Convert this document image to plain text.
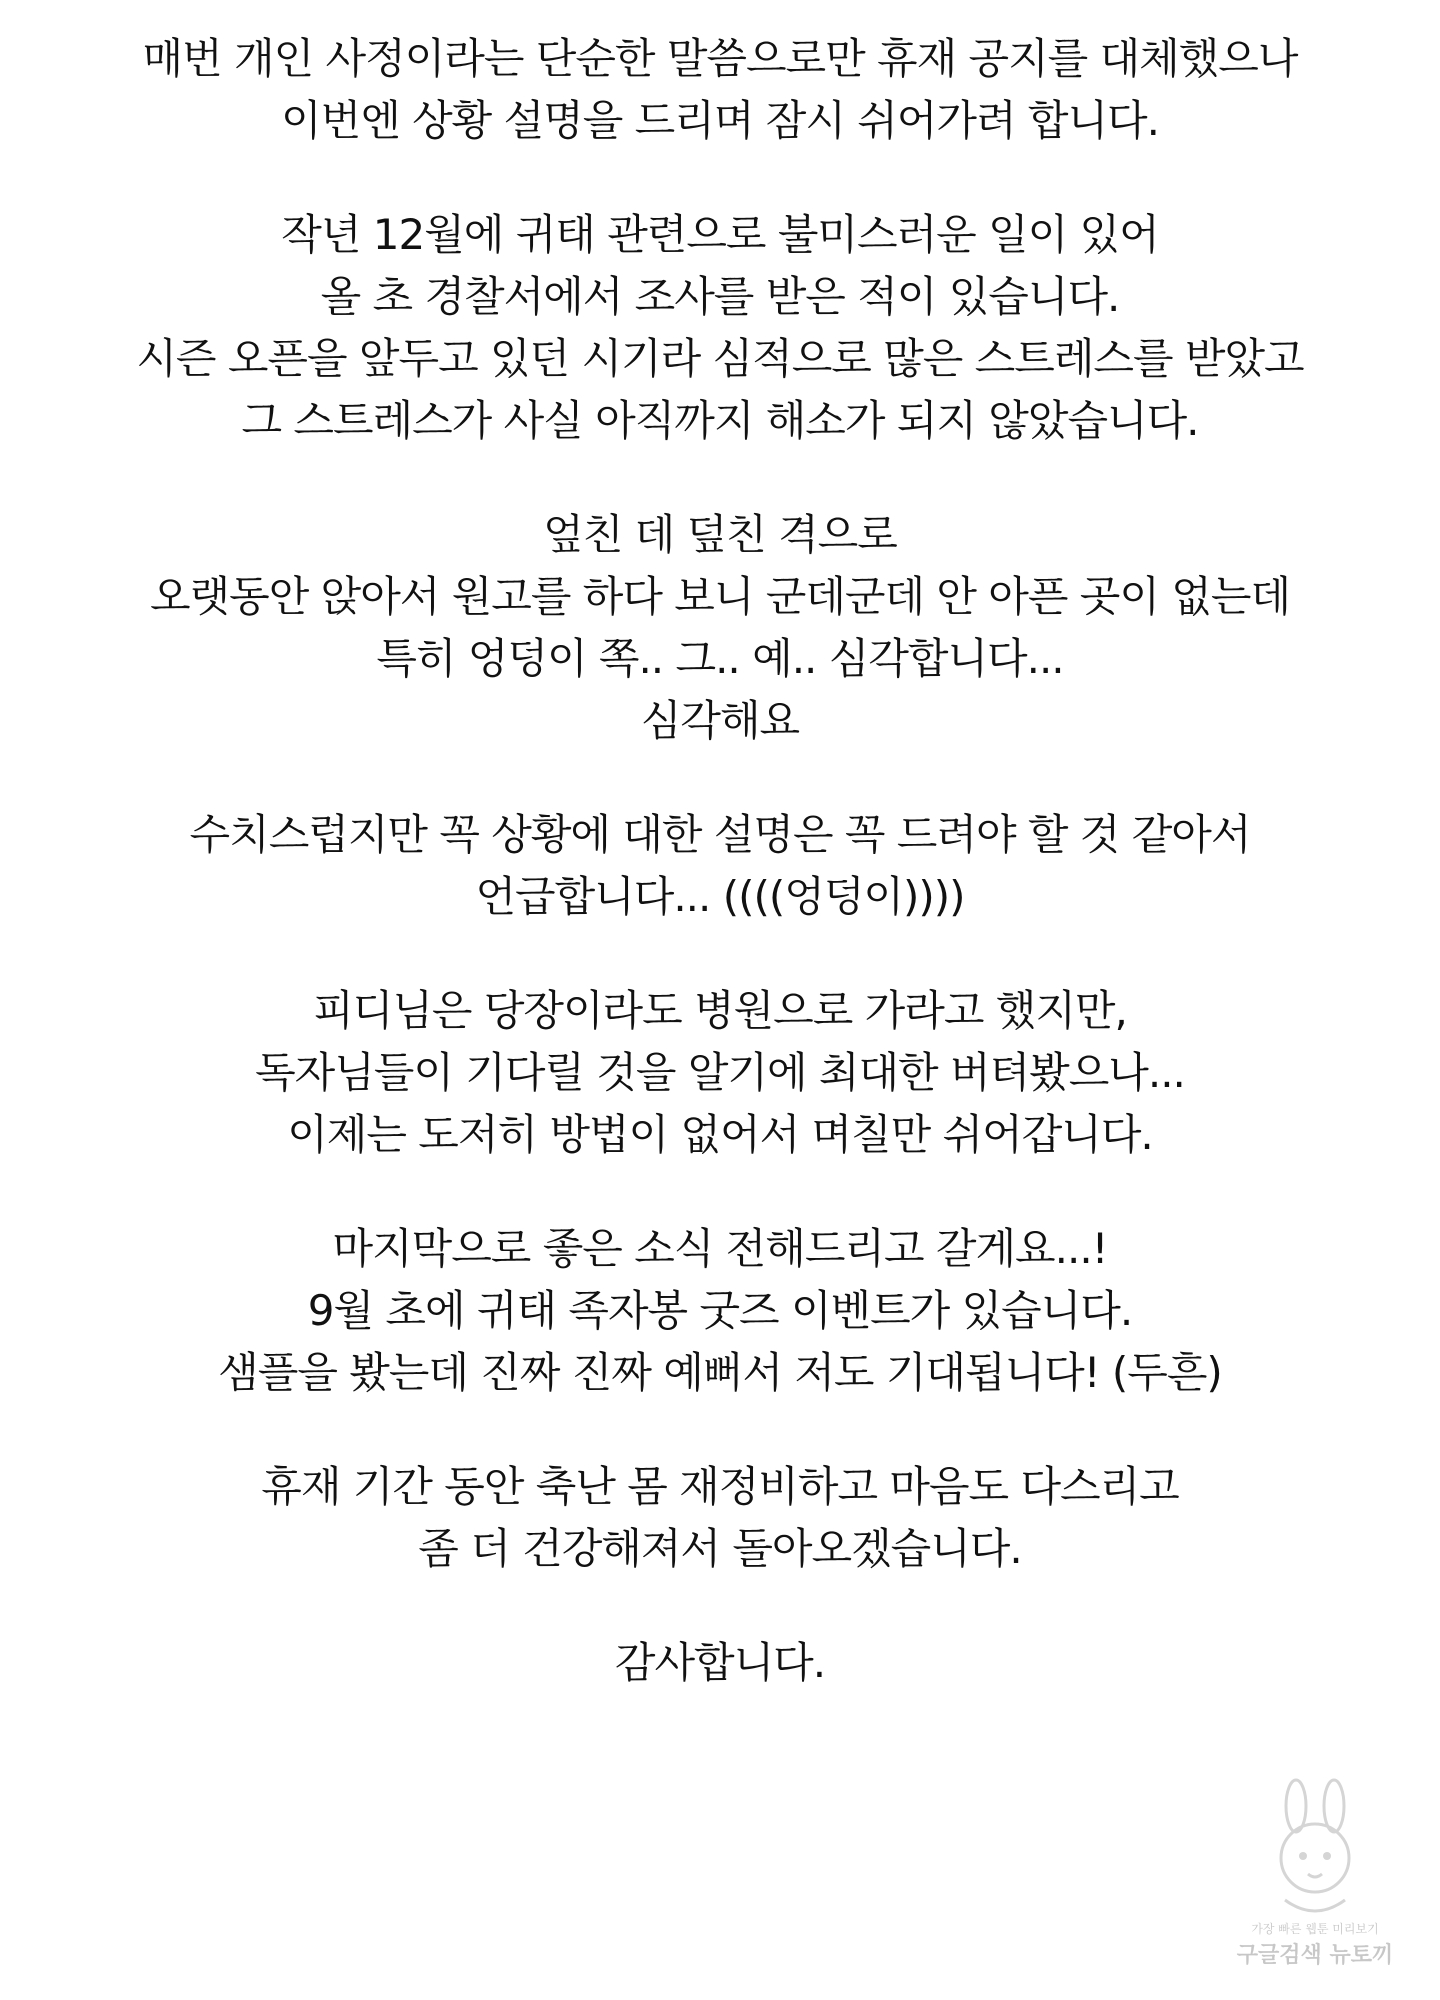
매번 개인 사정이라는 단순한 말씀으로만 휴재 공지를 대체했으나
이번엔 상황 설명을 드리며 잠시 쉬어가려 합니다.
작년 12월에 귀태 관련으로 불미스러운 일이 있어
올 초 경찰서에서 조사를 받은 적이 있습니다.
시즌 오픈을 앞두고 있던 시기라 심적으로 많은 스트레스를 받았고
그 스트레스가 사실 아직까지 해소가 되지 않았습니다.
엎친 데 덮친 격으로
오랫동안 앉아서 원고를 하다 보니 군데군데 안 아픈 곳이 없는데
특히 엉덩이 쪽.. 그.. 예.. 심각합니다...
심각해요
수치스럽지만 꼭 상황에 대한 설명은 꼭 드려야 할 것 같아서
언급합니다... ((((엉덩이))))
피디님은 당장이라도 병원으로 가라고 했지만,
독자님들이 기다릴 것을 알기에 최대한 버텨봤으나...
이제는 도저히 방법이 없어서 며칠만 쉬어갑니다.
마지막으로 좋은 소식 전해드리고 갈게요...!
9월 초에 귀태 족자봉 굿즈 이벤트가 있습니다.
샘플을 봤는데 진짜 진짜 예뻐서 저도 기대됩니다! (두흔)
휴재 기간 동안 축난 몸 재정비하고 마음도 다스리고
좀 더 건강해져서 돌아오겠습니다.
감사합니다.
가장 빠른 웹툰 미리보기
구글검색 뉴토끼
